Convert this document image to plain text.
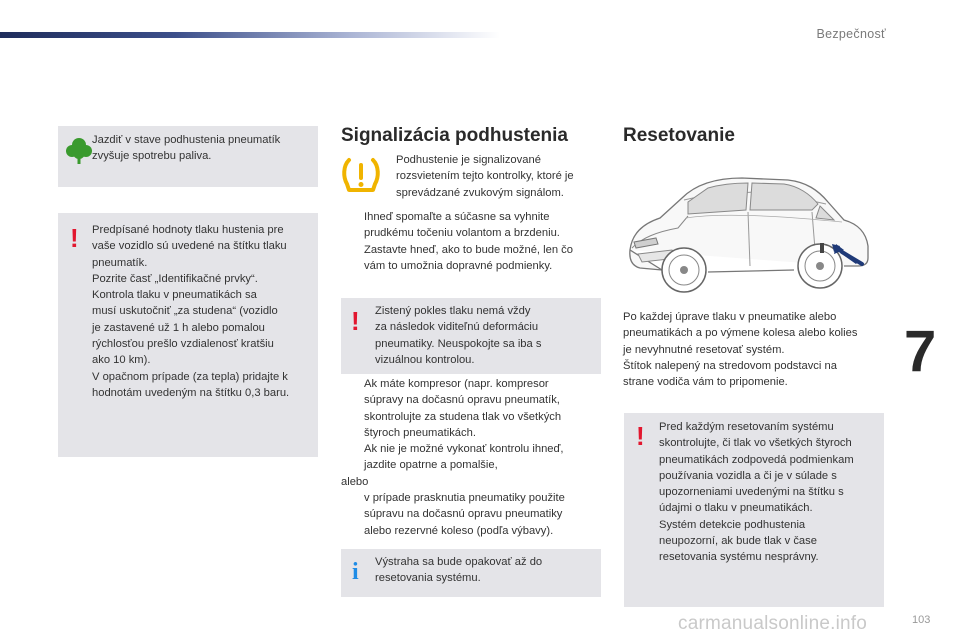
Bezpečnosť

Jazdiť v stave podhustenia pneumatík zvyšuje spotrebu paliva.

! Predpísané hodnoty tlaku hustenia pre

vaše vozidlo sú uvedené na štítku tlaku

pneumatík.

Pozrite časť „Identifikačné prvky“.

Kontrola tlaku v pneumatikách sa

musí uskutočniť „za studena“ (vozidlo

je zastavené už 1 h alebo pomalou

rýchlosťou prešlo vzdialenosť kratšiu

ako 10 km).

V opačnom prípade (za tepla) pridajte k

hodnotám uvedeným na štítku 0,3 baru.

Signalizácia podhustenia

Podhustenie je signalizované

rozsvietením tejto kontrolky, ktoré je

sprevádzané zvukovým signálom.

Ihneď spomaľte a súčasne sa vyhnite

prudkému točeniu volantom a brzdeniu.

Zastavte hneď, ako to bude možné, len čo

vám to umožnia dopravné podmienky.

! Zistený pokles tlaku nemá vždy

za následok viditeľnú deformáciu

pneumatiky. Neuspokojte sa iba s

vizuálnou kontrolou.

Ak máte kompresor (napr. kompresor

súpravy na dočasnú opravu pneumatík,

skontrolujte za studena tlak vo všetkých

štyroch pneumatikách.

Ak nie je možné vykonať kontrolu ihneď,

jazdite opatrne a pomalšie,

alebo

v prípade prasknutia pneumatiky použite

súpravu na dočasnú opravu pneumatiky

alebo rezervné koleso (podľa výbavy).

i Výstraha sa bude opakovať až do

resetovania systému.

Resetovanie

Po každej úprave tlaku v pneumatike alebo

pneumatikách a po výmene kolesa alebo kolies

je nevyhnutné resetovať systém.

Štítok nalepený na stredovom podstavci na

strane vodiča vám to pripomenie.

! Pred každým resetovaním systému

skontrolujte, či tlak vo všetkých štyroch

pneumatikách zodpovedá podmienkam

používania vozidla a či je v súlade s

upozorneniami uvedenými na štítku s

údajmi o tlaku v pneumatikách.

Systém detekcie podhustenia

neupozorní, ak bude tlak v čase

resetovania systému nesprávny.

7
carmanualsonline.info	103
